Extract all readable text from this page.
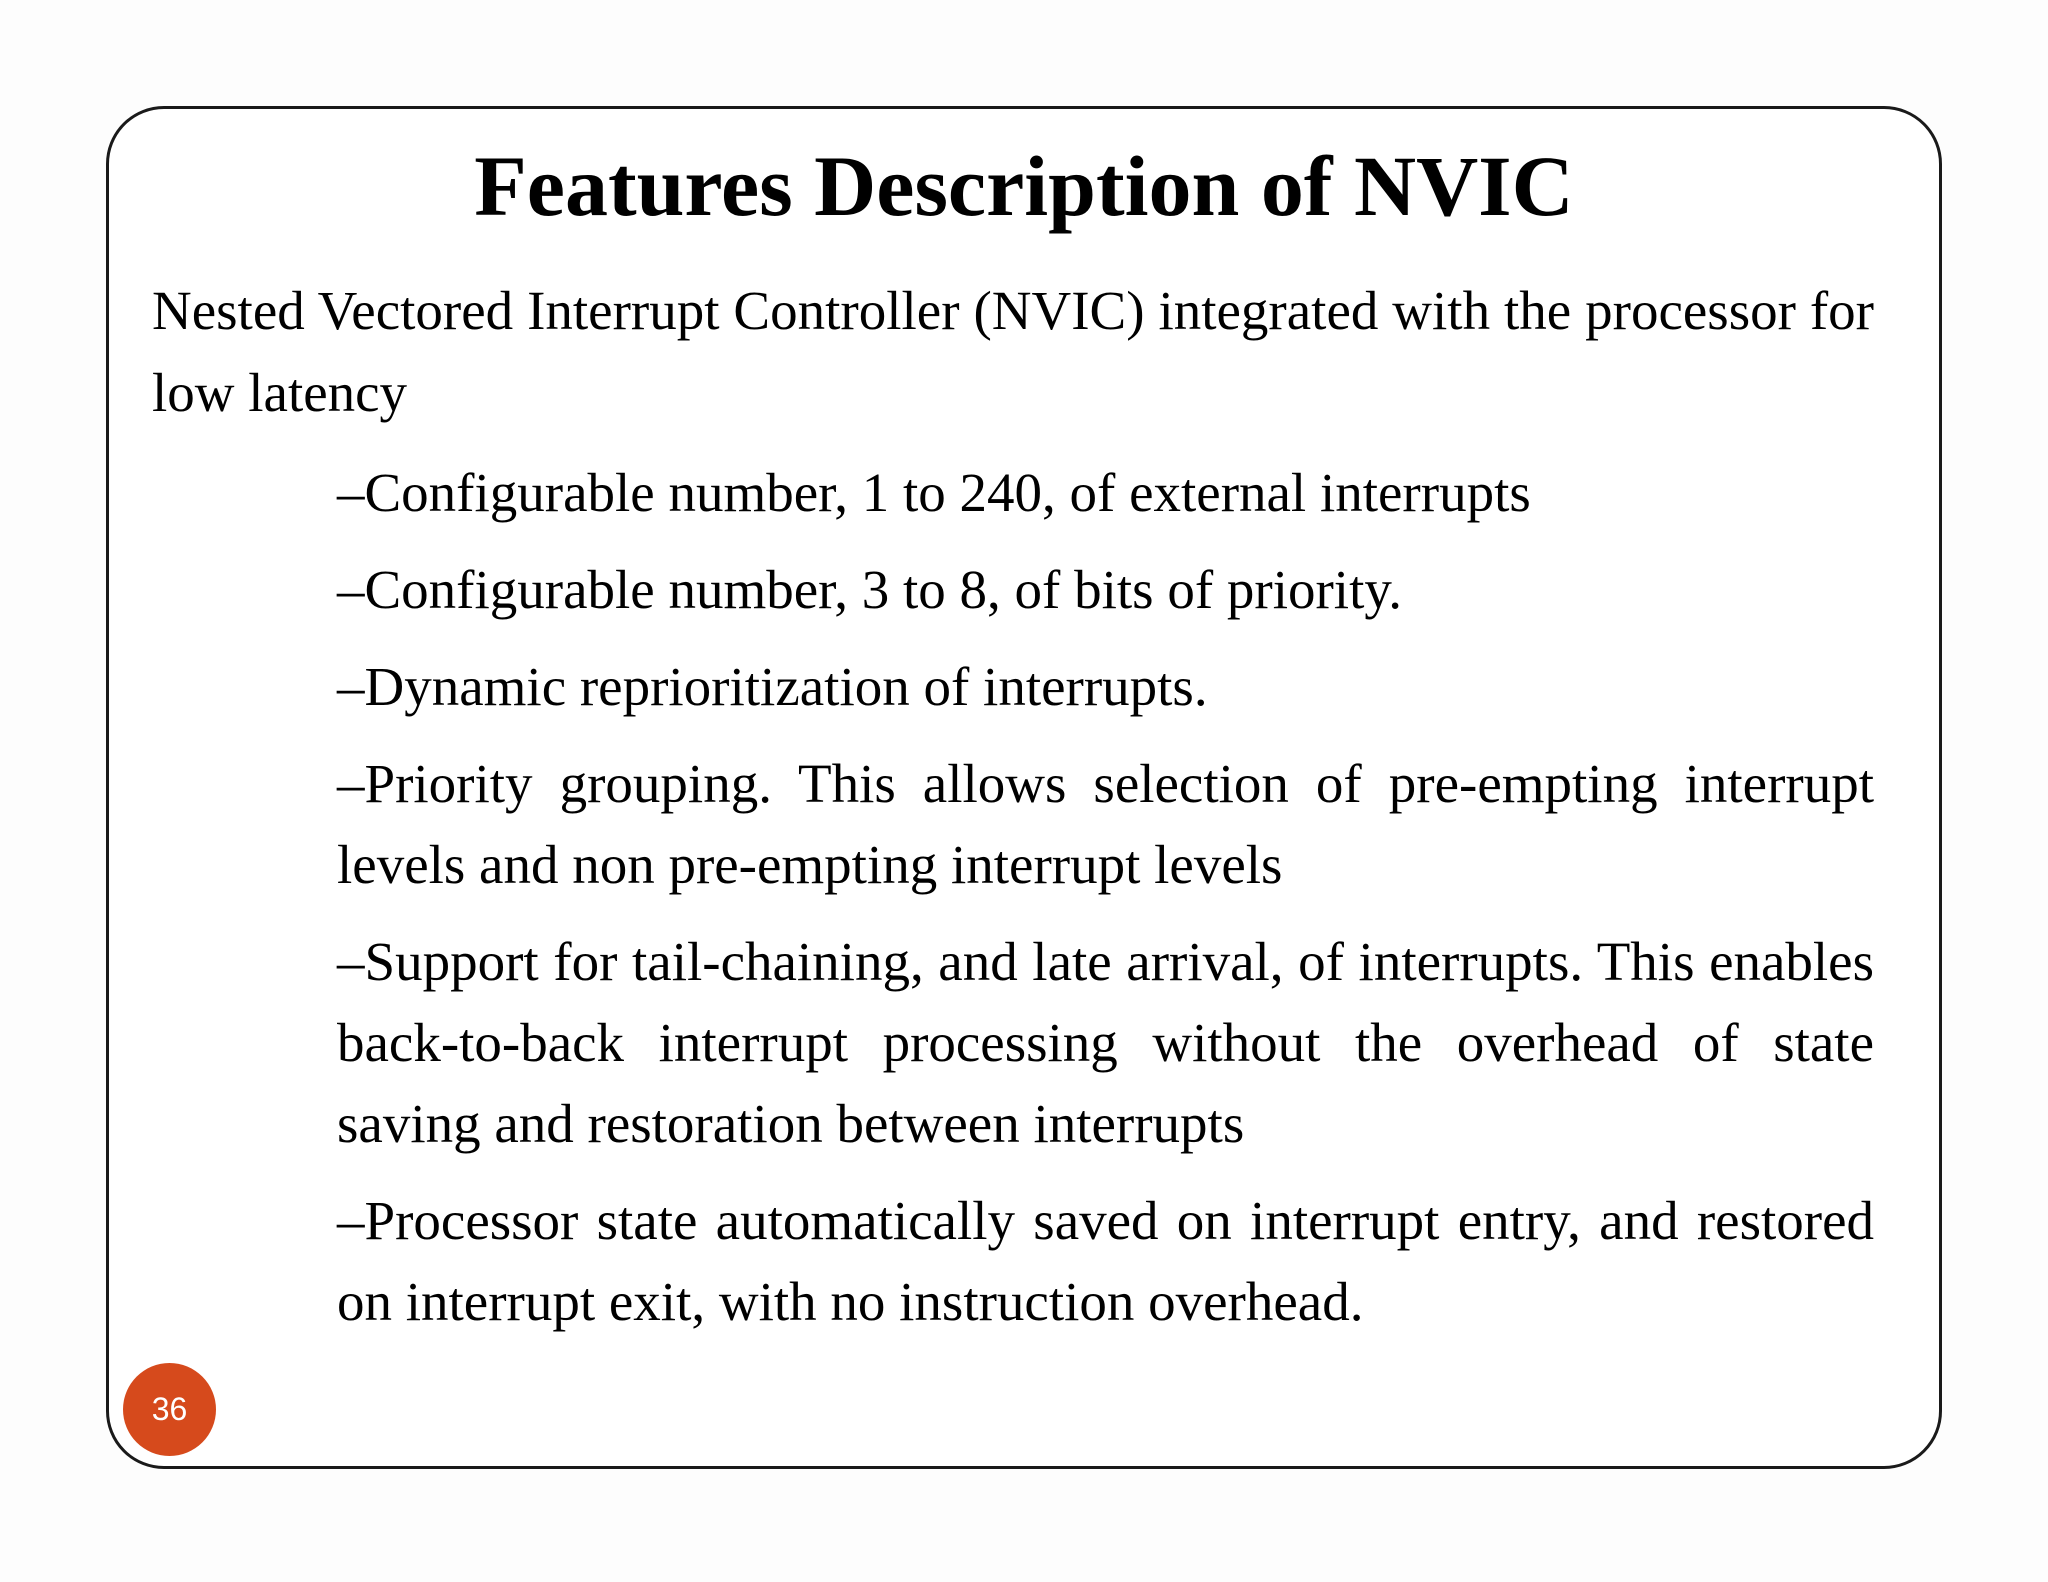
Features Description of NVIC

Nested Vectored Interrupt Controller (NVIC) integrated with the processor for low latency

–Configurable number, 1 to 240, of external interrupts
–Configurable number, 3 to 8, of bits of priority.
–Dynamic reprioritization of interrupts.
–Priority grouping. This allows selection of pre-empting interrupt levels and non pre-empting interrupt levels
–Support for tail-chaining, and late arrival, of interrupts. This enables back-to-back interrupt processing without the overhead of state saving and restoration between interrupts
–Processor state automatically saved on interrupt entry, and restored on interrupt exit, with no instruction overhead.
36
